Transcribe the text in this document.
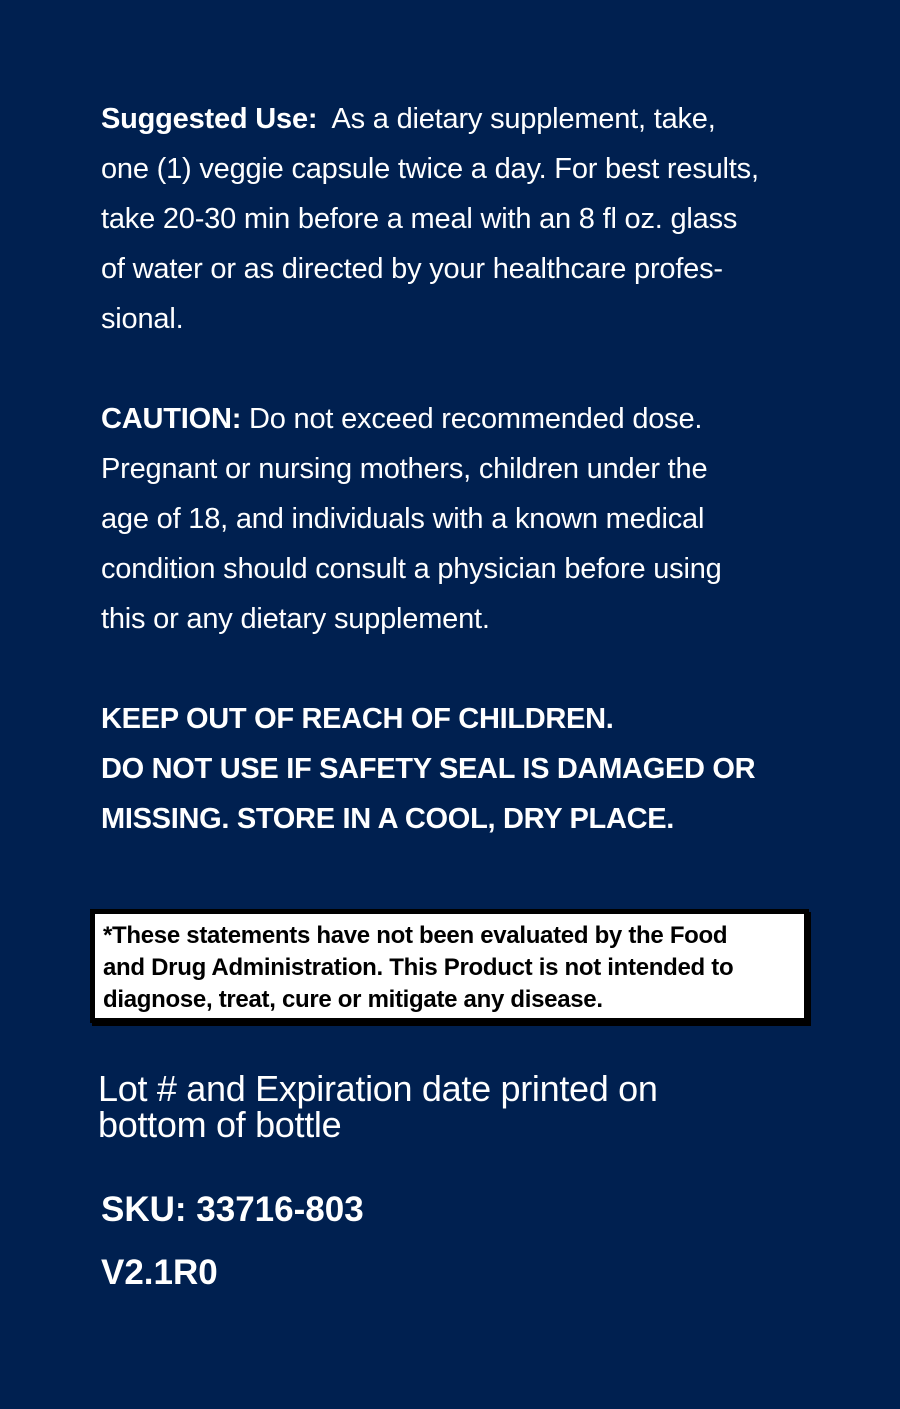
Suggested Use: As a dietary supplement, take,
one (1) veggie capsule twice a day. For best results,
take 20-30 min before a meal with an 8 fl oz. glass
of water or as directed by your healthcare profes-
sional.
CAUTION: Do not exceed recommended dose.
Pregnant or nursing mothers, children under the
age of 18, and individuals with a known medical
condition should consult a physician before using
this or any dietary supplement.
KEEP OUT OF REACH OF CHILDREN.
DO NOT USE IF SAFETY SEAL IS DAMAGED OR
MISSING. STORE IN A COOL, DRY PLACE.
*These statements have not been evaluated by the Food
and Drug Administration. This Product is not intended to
diagnose, treat, cure or mitigate any disease.
Lot # and Expiration date printed on
bottom of bottle
SKU: 33716-803
V2.1R0
